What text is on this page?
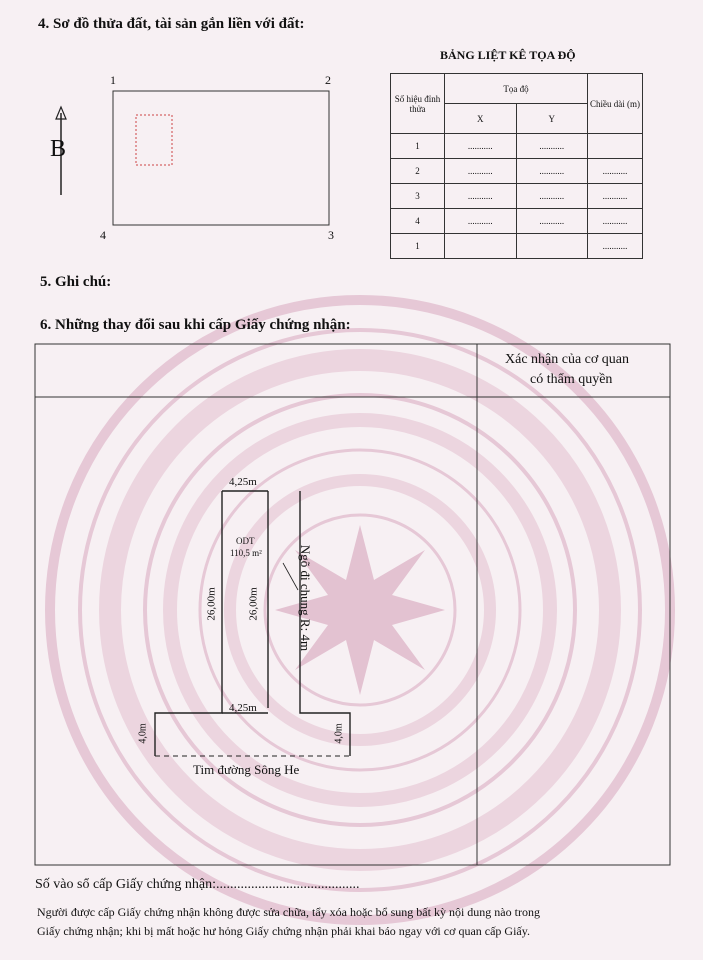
4. Sơ đồ thửa đất, tài sản gắn liền với đất:
B
1	2
3
4
BẢNG LIỆT KÊ TỌA ĐỘ
Số hiệu đỉnh thửa	Tọa độ		Chiều dài (m)
	X	Y	
1	...........	...........	
2	...........	...........	...........
3	...........	...........	...........
4	...........	...........	...........
1			...........
5. Ghi chú:
6. Những thay đổi sau khi cấp Giấy chứng nhận:
Xác nhận của cơ quan
có thẩm quyền
4,25m
ODT
110,5 m²
4,25m
26,00m	26,00m	Ngõ đi chung R: 4m
4,0m	4,0m
Tim đường Sông He
Số vào sổ cấp Giấy chứng nhận:.........................................
Người được cấp Giấy chứng nhận không được sửa chữa, tẩy xóa hoặc bổ sung bất kỳ nội dung nào trong
Giấy chứng nhận; khi bị mất hoặc hư hỏng Giấy chứng nhận phải khai báo ngay với cơ quan cấp Giấy.
